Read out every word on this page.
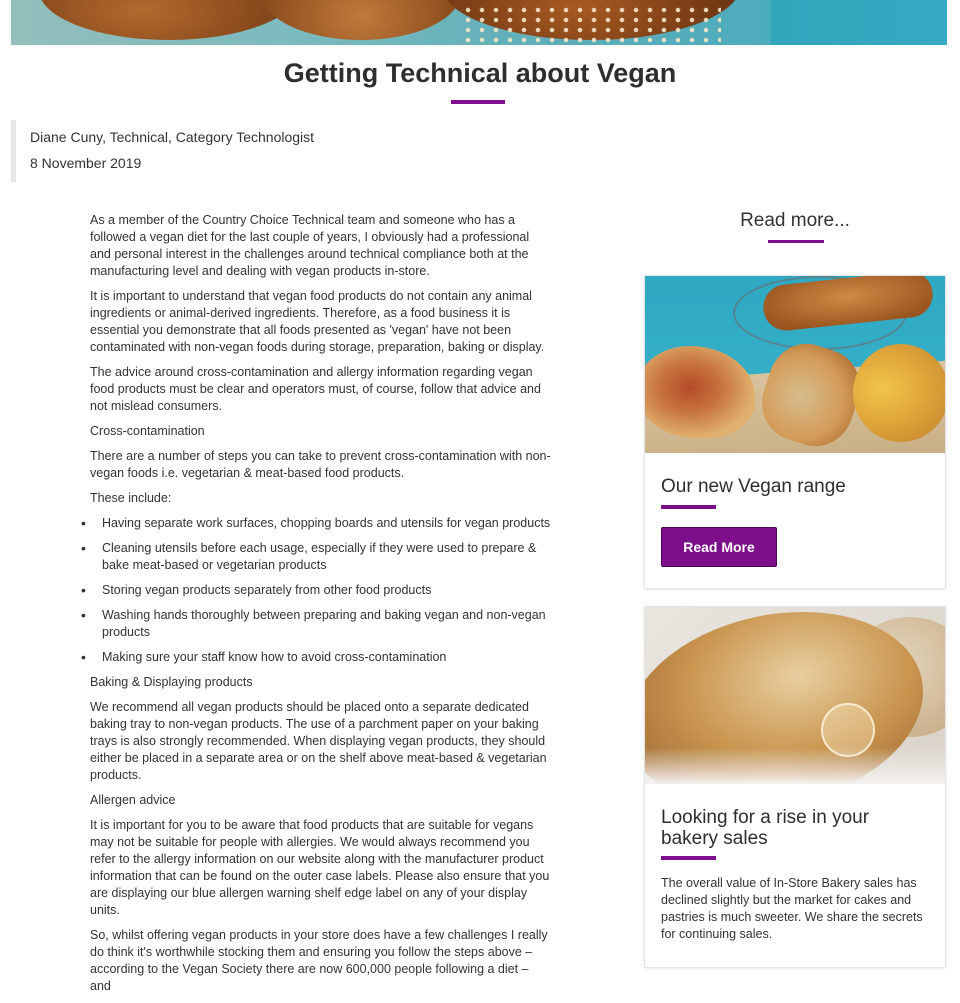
Getting Technical about Vegan
Diane Cuny, Technical, Category Technologist
8 November 2019

As a member of the Country Choice Technical team and someone who has a followed a vegan diet for the last couple of years, I obviously had a professional and personal interest in the challenges around technical compliance both at the manufacturing level and dealing with vegan products in-store.

It is important to understand that vegan food products do not contain any animal ingredients or animal-derived ingredients. Therefore, as a food business it is essential you demonstrate that all foods presented as 'vegan' have not been contaminated with non-vegan foods during storage, preparation, baking or display.

The advice around cross-contamination and allergy information regarding vegan food products must be clear and operators must, of course, follow that advice and not mislead consumers.

Cross-contamination

There are a number of steps you can take to prevent cross-contamination with non-vegan foods i.e. vegetarian & meat-based food products.

These include:

• Having separate work surfaces, chopping boards and utensils for vegan products
• Cleaning utensils before each usage, especially if they were used to prepare & bake meat-based or vegetarian products
• Storing vegan products separately from other food products
• Washing hands thoroughly between preparing and baking vegan and non-vegan products
• Making sure your staff know how to avoid cross-contamination

Baking & Displaying products

We recommend all vegan products should be placed onto a separate dedicated baking tray to non-vegan products. The use of a parchment paper on your baking trays is also strongly recommended. When displaying vegan products, they should either be placed in a separate area or on the shelf above meat-based & vegetarian products.

Allergen advice

It is important for you to be aware that food products that are suitable for vegans may not be suitable for people with allergies. We would always recommend you refer to the allergy information on our website along with the manufacturer product information that can be found on the outer case labels. Please also ensure that you are displaying our blue allergen warning shelf edge label on any of your display units.

So, whilst offering vegan products in your store does have a few challenges I really do think it's worthwhile stocking them and ensuring you follow the steps above – according to the Vegan Society there are now 600,000 people following a diet – and

Read more...
Our new Vegan range
Read More
Looking for a rise in your bakery sales

The overall value of In-Store Bakery sales has declined slightly but the market for cakes and pastries is much sweeter. We share the secrets for continuing sales.
